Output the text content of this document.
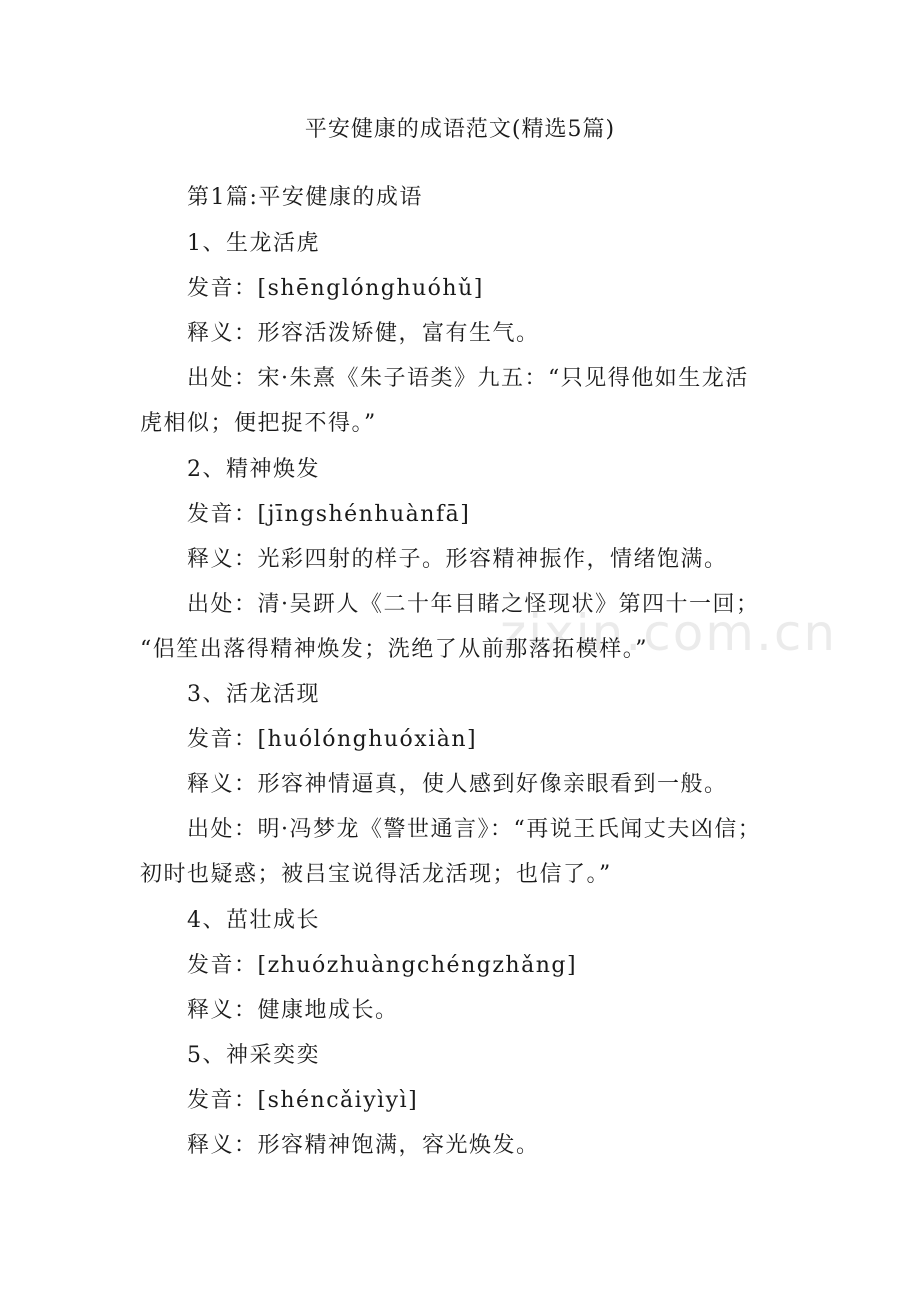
平安健康的成语范文(精选5篇)
第1篇:平安健康的成语
1、生龙活虎
发音：[shēnglónghuóhǔ]
释义：形容活泼矫健，富有生气。
出处：宋·朱熹《朱子语类》九五：“只见得他如生龙活
虎相似；便把捉不得。”
2、精神焕发
发音：[jīngshénhuànfā]
释义：光彩四射的样子。形容精神振作，情绪饱满。
出处：清·吴趼人《二十年目睹之怪现状》第四十一回；
“侣笙出落得精神焕发；洗绝了从前那落拓模样。”
3、活龙活现
发音：[huólónghuóxiàn]
释义：形容神情逼真，使人感到好像亲眼看到一般。
出处：明·冯梦龙《警世通言》：“再说王氏闻丈夫凶信；
初时也疑惑；被吕宝说得活龙活现；也信了。”
4、茁壮成长
发音：[zhuózhuàngchéngzhǎng]
释义：健康地成长。
5、神采奕奕
发音：[shéncǎiyìyì]
释义：形容精神饱满，容光焕发。
zixin.com.cn
